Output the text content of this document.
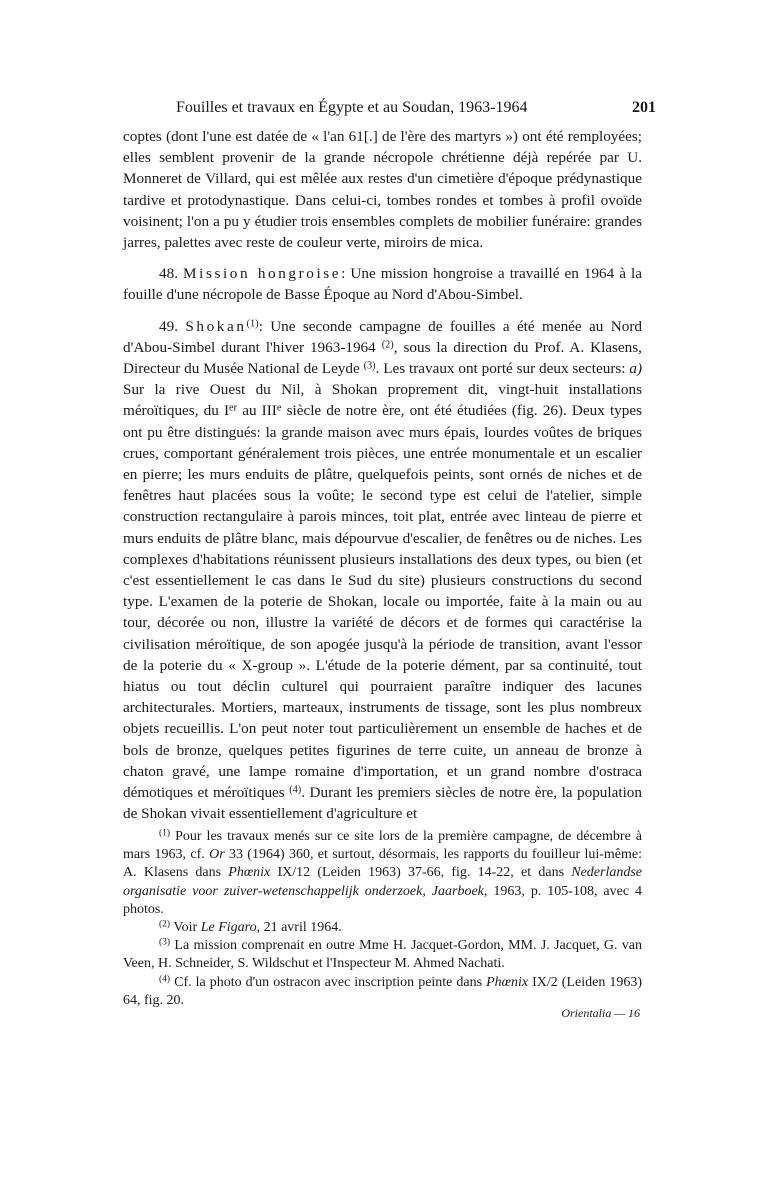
Fouilles et travaux en Égypte et au Soudan, 1963-1964	201

coptes (dont l'une est datée de « l'an 61[.] de l'ère des martyrs ») ont été remployées; elles semblent provenir de la grande nécropole chrétienne déjà repérée par U. Monneret de Villard, qui est mêlée aux restes d'un cimetière d'époque prédynastique tardive et protodynastique. Dans celui-ci, tombes rondes et tombes à profil ovoïde voisinent; l'on a pu y étudier trois ensembles complets de mobilier funéraire: grandes jarres, palettes avec reste de couleur verte, miroirs de mica.

48. Mission hongroise: Une mission hongroise a travaillé en 1964 à la fouille d'une nécropole de Basse Époque au Nord d'Abou-Simbel.

49. Shokan$^{(1)}$: Une seconde campagne de fouilles a été menée au Nord d'Abou-Simbel durant l'hiver 1963-1964 $^{(2)}$, sous la direction du Prof. A. Klasens, Directeur du Musée National de Leyde $^{(3)}$. Les travaux ont porté sur deux secteurs: a) Sur la rive Ouest du Nil, à Shokan proprement dit, vingt-huit installations méroïtiques, du Ier au IIIe siècle de notre ère, ont été étudiées (fig. 26). Deux types ont pu être distingués: la grande maison avec murs épais, lourdes voûtes de briques crues, comportant généralement trois pièces, une entrée monumentale et un escalier en pierre; les murs enduits de plâtre, quelquefois peints, sont ornés de niches et de fenêtres haut placées sous la voûte; le second type est celui de l'atelier, simple construction rectangulaire à parois minces, toit plat, entrée avec linteau de pierre et murs enduits de plâtre blanc, mais dépourvue d'escalier, de fenêtres ou de niches. Les complexes d'habitations réunissent plusieurs installations des deux types, ou bien (et c'est essentiellement le cas dans le Sud du site) plusieurs constructions du second type. L'examen de la poterie de Shokan, locale ou importée, faite à la main ou au tour, décorée ou non, illustre la variété de décors et de formes qui caractérise la civilisation méroïtique, de son apogée jusqu'à la période de transition, avant l'essor de la poterie du « X-group ». L'étude de la poterie dément, par sa continuité, tout hiatus ou tout déclin culturel qui pourraient paraître indiquer des lacunes architecturales. Mortiers, marteaux, instruments de tissage, sont les plus nombreux objets recueillis. L'on peut noter tout particulièrement un ensemble de haches et de bols de bronze, quelques petites figurines de terre cuite, un anneau de bronze à chaton gravé, une lampe romaine d'importation, et un grand nombre d'ostraca démotiques et méroïtiques $^{(4)}$. Durant les premiers siècles de notre ère, la population de Shokan vivait essentiellement d'agriculture et

$^{(1)}$ Pour les travaux menés sur ce site lors de la première campagne, de décembre à mars 1963, cf. Or 33 (1964) 360, et surtout, désormais, les rapports du fouilleur lui-même: A. Klasens dans Phœnix IX/12 (Leiden 1963) 37-66, fig. 14-22, et dans Nederlandse organisatie voor zuiver-wetenschappelijk onderzoek, Jaarboek, 1963, p. 105-108, avec 4 photos.

$^{(2)}$ Voir Le Figaro, 21 avril 1964.

$^{(3)}$ La mission comprenait en outre Mme H. Jacquet-Gordon, MM. J. Jacquet, G. van Veen, H. Schneider, S. Wildschut et l'Inspecteur M. Ahmed Nachati.

$^{(4)}$ Cf. la photo d'un ostracon avec inscription peinte dans Phœnix IX/2 (Leiden 1963) 64, fig. 20.

Orientalia — 16
